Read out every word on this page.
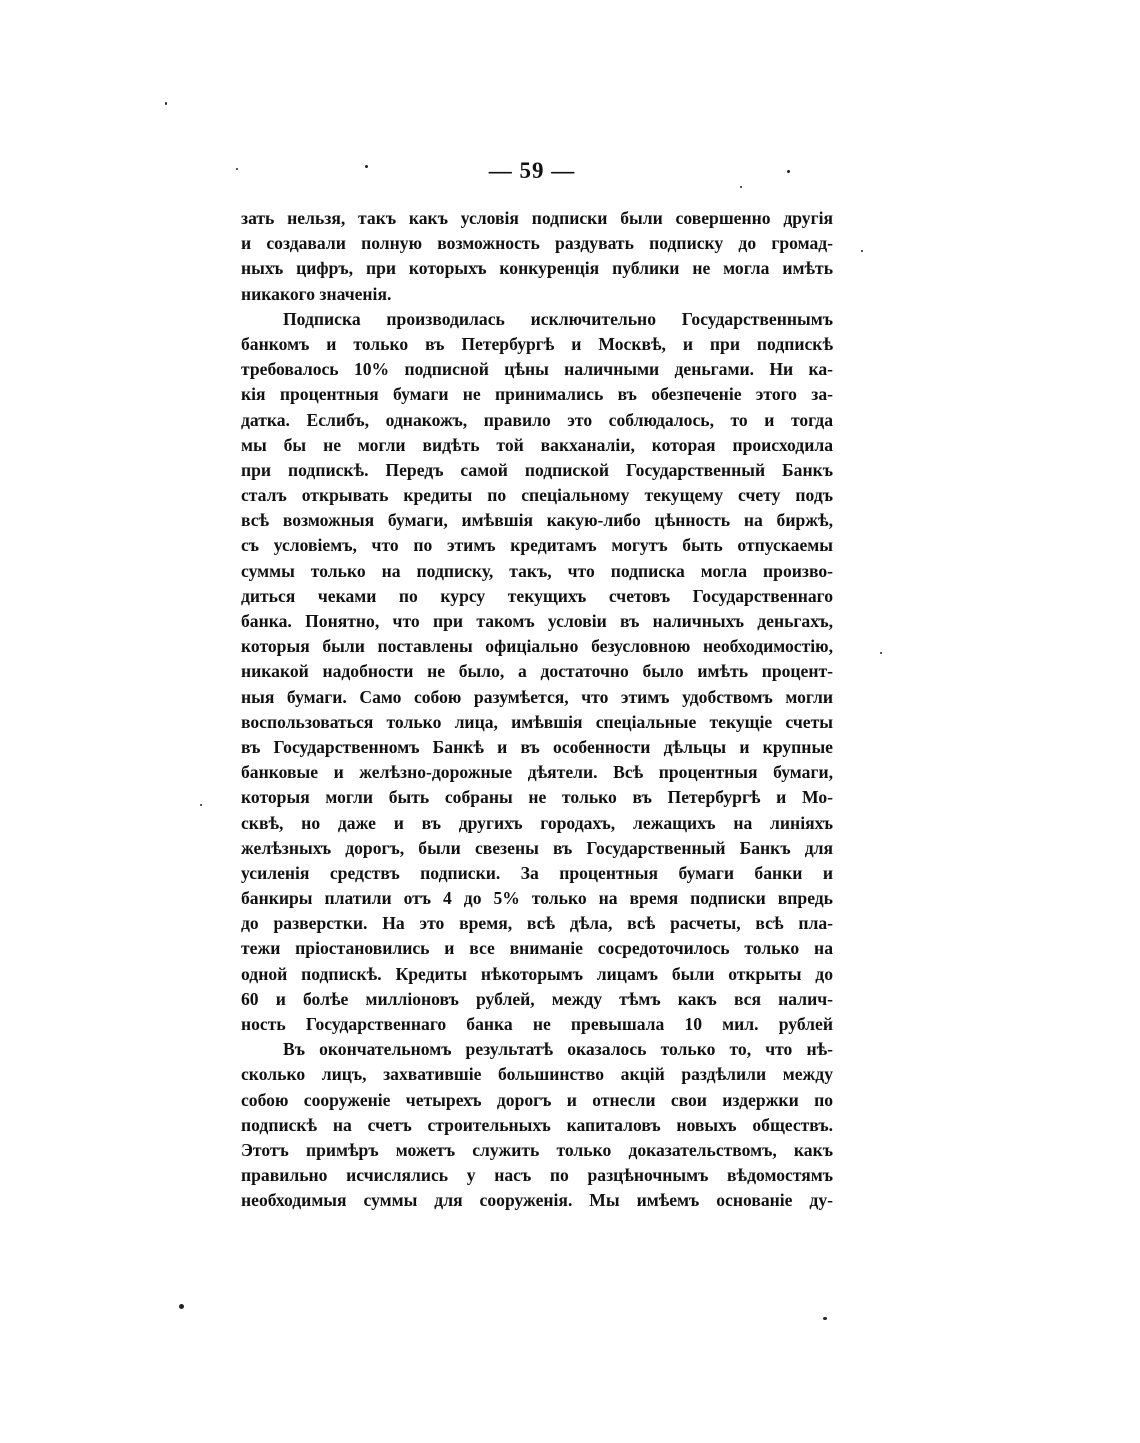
— 59 —
зать нельзя, такъ какъ условія подписки были совершенно другія
и создавали полную возможность раздувать подписку до громад-
ныхъ цифръ, при которыхъ конкуренція публики не могла имѣть
никакого значенія.
Подписка производилась исключительно Государственнымъ
банкомъ и только въ Петербургѣ и Москвѣ, и при подпискѣ
требовалось 10% подписной цѣны наличными деньгами. Ни ка-
кія процентныя бумаги не принимались въ обезпеченіе этого за-
датка. Еслибъ, однакожъ, правило это соблюдалось, то и тогда
мы бы не могли видѣть той вакханаліи, которая происходила
при подпискѣ. Передъ самой подпиской Государственный Банкъ
сталъ открывать кредиты по спеціальному текущему счету подъ
всѣ возможныя бумаги, имѣвшія какую-либо цѣнность на биржѣ,
съ условіемъ, что по этимъ кредитамъ могутъ быть отпускаемы
суммы только на подписку, такъ, что подписка могла произво-
диться чеками по курсу текущихъ счетовъ Государственнаго
банка. Понятно, что при такомъ условіи въ наличныхъ деньгахъ,
которыя были поставлены офиціально безусловною необходимостію,
никакой надобности не было, а достаточно было имѣть процент-
ныя бумаги. Само собою разумѣется, что этимъ удобствомъ могли
воспользоваться только лица, имѣвшія спеціальные текущіе счеты
въ Государственномъ Банкѣ и въ особенности дѣльцы и крупные
банковые и желѣзно-дорожные дѣятели. Всѣ процентныя бумаги,
которыя могли быть собраны не только въ Петербургѣ и Мо-
сквѣ, но даже и въ другихъ городахъ, лежащихъ на линіяхъ
желѣзныхъ дорогъ, были свезены въ Государственный Банкъ для
усиленія средствъ подписки. За процентныя бумаги банки и
банкиры платили отъ 4 до 5% только на время подписки впредь
до разверстки. На это время, всѣ дѣла, всѣ расчеты, всѣ пла-
тежи пріостановились и все вниманіе сосредоточилось только на
одной подпискѣ. Кредиты нѣкоторымъ лицамъ были открыты до
60 и болѣе милліоновъ рублей, между тѣмъ какъ вся налич-
ность Государственнаго банка не превышала 10 мил. рублей
Въ окончательномъ результатѣ оказалось только то, что нѣ-
сколько лицъ, захватившіе большинство акцій раздѣлили между
собою сооруженіе четырехъ дорогъ и отнесли свои издержки по
подпискѣ на счетъ строительныхъ капиталовъ новыхъ обществъ.
Этотъ примѣръ можетъ служить только доказательствомъ, какъ
правильно исчислялись у насъ по разцѣночнымъ вѣдомостямъ
необходимыя суммы для сооруженія. Мы имѣемъ основаніе ду-
